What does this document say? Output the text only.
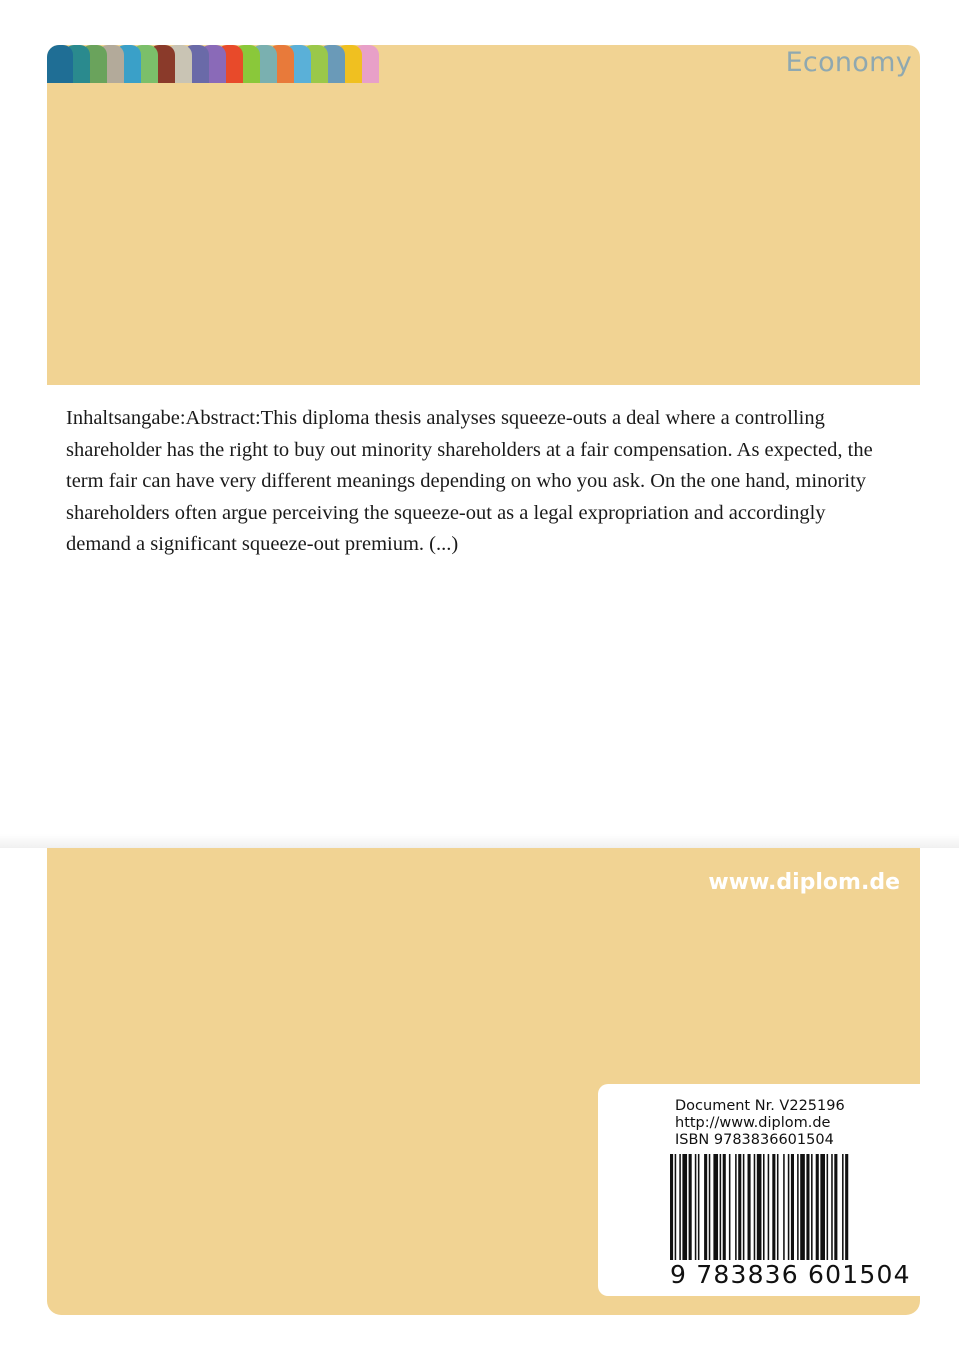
Economy

Inhaltsangabe:Abstract:This diploma thesis analyses squeeze-outs a deal where a controlling shareholder has the right to buy out minority shareholders at a fair compensation. As expected, the term fair can have very different meanings depending on who you ask. On the one hand, minority shareholders often argue perceiving the squeeze-out as a legal expropriation and accordingly demand a significant squeeze-out premium. (...)

www.diplom.de
Document Nr. V225196
http://www.diplom.de
ISBN 9783836601504
9 783836 601504
